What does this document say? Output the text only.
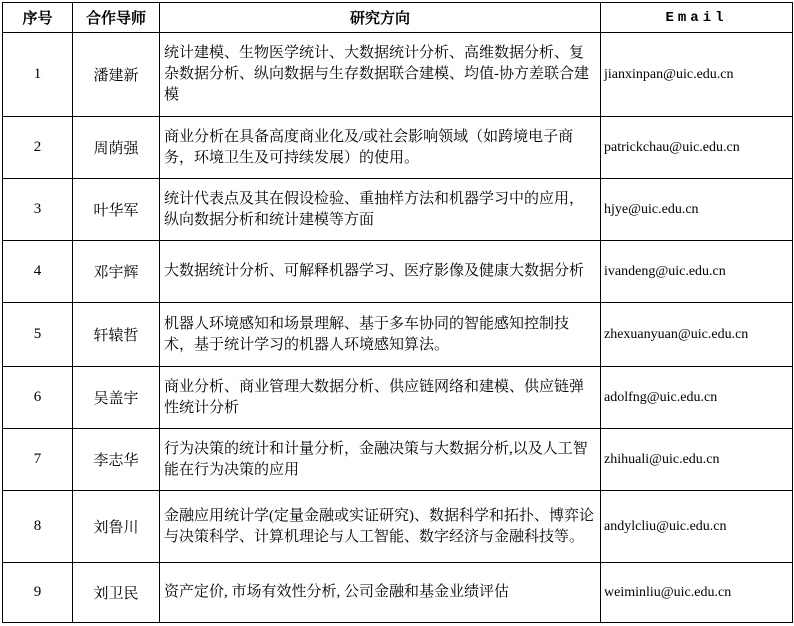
序号	合作导师	研究方向	Email
1	潘建新	统计建模、生物医学统计、大数据统计分析、高维数据分析、复杂数据分析、纵向数据与生存数据联合建模、均值-协方差联合建模	jianxinpan@uic.edu.cn
2	周荫强	商业分析在具备高度商业化及/或社会影响领域（如跨境电子商务，环境卫生及可持续发展）的使用。	patrickchau@uic.edu.cn
3	叶华军	统计代表点及其在假设检验、重抽样方法和机器学习中的应用，纵向数据分析和统计建模等方面	hjye@uic.edu.cn
4	邓宇辉	大数据统计分析、可解释机器学习、医疗影像及健康大数据分析	ivandeng@uic.edu.cn
5	轩辕哲	机器人环境感知和场景理解、基于多车协同的智能感知控制技术，基于统计学习的机器人环境感知算法。	zhexuanyuan@uic.edu.cn
6	吴盖宇	商业分析、商业管理大数据分析、供应链网络和建模、供应链弹性统计分析	adolfng@uic.edu.cn
7	李志华	行为决策的统计和计量分析，金融决策与大数据分析,以及人工智能在行为决策的应用	zhihuali@uic.edu.cn
8	刘鲁川	金融应用统计学(定量金融或实证研究)、数据科学和拓扑、博弈论与决策科学、计算机理论与人工智能、数字经济与金融科技等。	andylcliu@uic.edu.cn
9	刘卫民	资产定价, 市场有效性分析, 公司金融和基金业绩评估	weiminliu@uic.edu.cn
